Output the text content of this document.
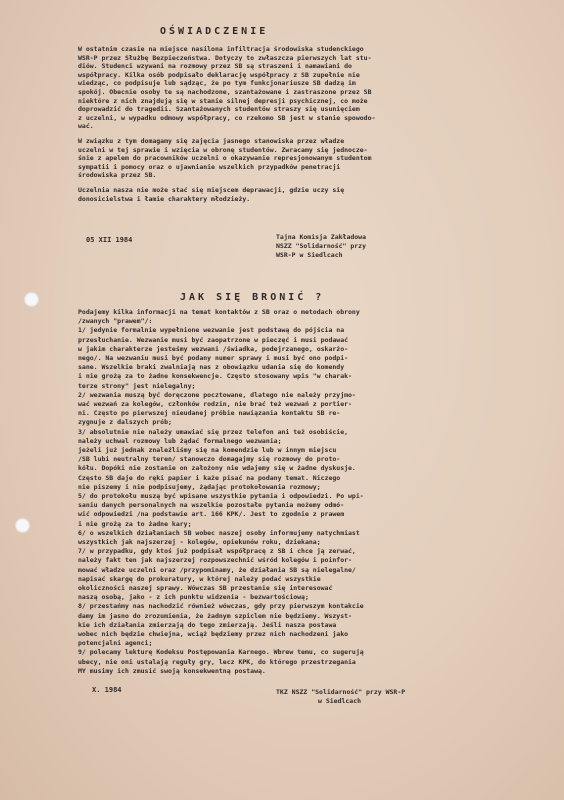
OŚWIADCZENIE
W ostatnim czasie na miejsce nasilona infiltracja środowiska studenckiego
WSR-P przez Służbę Bezpieczeństwa. Dotyczy to zwłaszcza pierwszych lat stu-
diów. Studenci wzywani na rozmowy przez SB są straszeni i namawiani do
współpracy. Kilka osób podpisało deklarację współpracy z SB zupełnie nie
wiedząc, co podpisuje lub sądząc, że po tym funkcjonariusze SB dadzą im
spokój. Obecnie osoby te są nachodzone, szantażowane i zastraszone przez SB
niektóre z nich znajdują się w stanie silnej depresji psychicznej, co może
doprowadzić do tragedii. Szantażowanych studentów straszy się usunięciem
z uczelni, w wypadku odmowy współpracy, co rzekomo SB jest w stanie spowodo-
wać.
W związku z tym domagamy się zajęcia jasnego stanowiska przez władze
uczelni w tej sprawie i wzięcia w obronę studentów. Zwracamy się jednocze-
śnie z apelem do pracowników uczelni o okazywanie represjonowanym studentom
sympatii i pomocy oraz o ujawnianie wszelkich przypadków penetracji
środowiska przez SB.
Uczelnia nasza nie może stać się miejscem deprawacji, gdzie uczy się
donosicielstwa i łamie charaktery młodzieży.
05 XII 1984	Tajna Komisja Zakładowa
NSZZ "Solidarność" przy
WSR-P w Siedlcach
JAK SIĘ BRONIĆ ?
Podajemy kilka informacji na temat kontaktów z SB oraz o metodach obrony
/zwanych "prawem"/:
1/ jedynie formalnie wypełnione wezwanie jest podstawą do pójścia na
przesłuchanie. Wezwanie musi być zaopatrzone w pieczęć i musi podawać
w jakim charakterze jesteśmy wezwani /świadka, podejrzanego, oskarżo-
nego/. Na wezwaniu musi być podany numer sprawy i musi być ono podpi-
sane. Wszelkie braki zwalniają nas z obowiązku udania się do komendy
i nie grożą za to żadne konsekwencje. Często stosowany wpis "w charak-
terze strony" jest nielegalny;
2/ wezwania muszą być doręczone pocztowane, dlatego nie należy przyjmo-
wać wezwań za kolegów, członków rodzin, nie brać też wezwań z portier-
ni. Często po pierwszej nieudanej próbie nawiązania kontaktu SB re-
zygnuje z dalszych prób;
3/ absolutnie nie należy umawiać się przez telefon ani też osobiście,
należy uchwal rozmowy lub żądać formalnego wezwania;
jeżeli już jednak znaleźliśmy się na komendzie lub w innym miejscu
/SB lubi neutralny teren/ stanowczo domagajmy się rozmowy do proto-
kółu. Dopóki nie zostanie on założony nie wdajemy się w żadne dyskusje.
Często SB daje do ręki papier i każe pisać na podany temat. Niczego
nie piszemy i nie podpisujemy, żądając protokołowania rozmowy;
5/ do protokołu muszą być wpisane wszystkie pytania i odpowiedzi. Po wpi-
saniu danych personalnych na wszelkie pozostałe pytania możemy odmó-
wić odpowiedzi /na podstawie art. 166 KPK/. Jest to zgodnie z prawem
i nie grożą za to żadne kary;
6/ o wszelkich działaniach SB wobec naszej osoby informujemy natychmiast
wszystkich jak najszerzej - kolegów, opiekunów roku, dziekana;
7/ w przypadku, gdy ktoś już podpisał współpracę z SB i chce ją zerwać,
należy fakt ten jak najszerzej rozpowszechnić wśród kolegów i poinfor-
mować władze uczelni oraz /przypominamy, że działania SB są nielegalne/
napisać skargę do prokuratury, w której należy podać wszystkie
okoliczności naszej sprawy. Wówczas SB przestanie się interesować
naszą osobą, jako - z ich punktu widzenia - bezwartościową;
8/ przestańmy nas nachodzić również wówczas, gdy przy pierwszym kontakcie
damy im jasno do zrozumienia, że żadnym szpiclem nie będziemy. Wszyst-
kie ich działania zmierzają do tego zmierzają. Jeśli nasza postawa
wobec nich będzie chwiejna, wciąż będziemy przez nich nachodzeni jako
potencjalni agenci;
9/ polecamy lekturę Kodeksu Postępowania Karnego. Wbrew temu, co sugerują
ubecy, nie oni ustalają reguły gry, lecz KPK, do którego przestrzegania
MY musimy ich zmusić swoją konsekwentną postawą.
X. 1984	TKZ NSZZ "Solidarność" przy WSR-P
w Siedlcach
